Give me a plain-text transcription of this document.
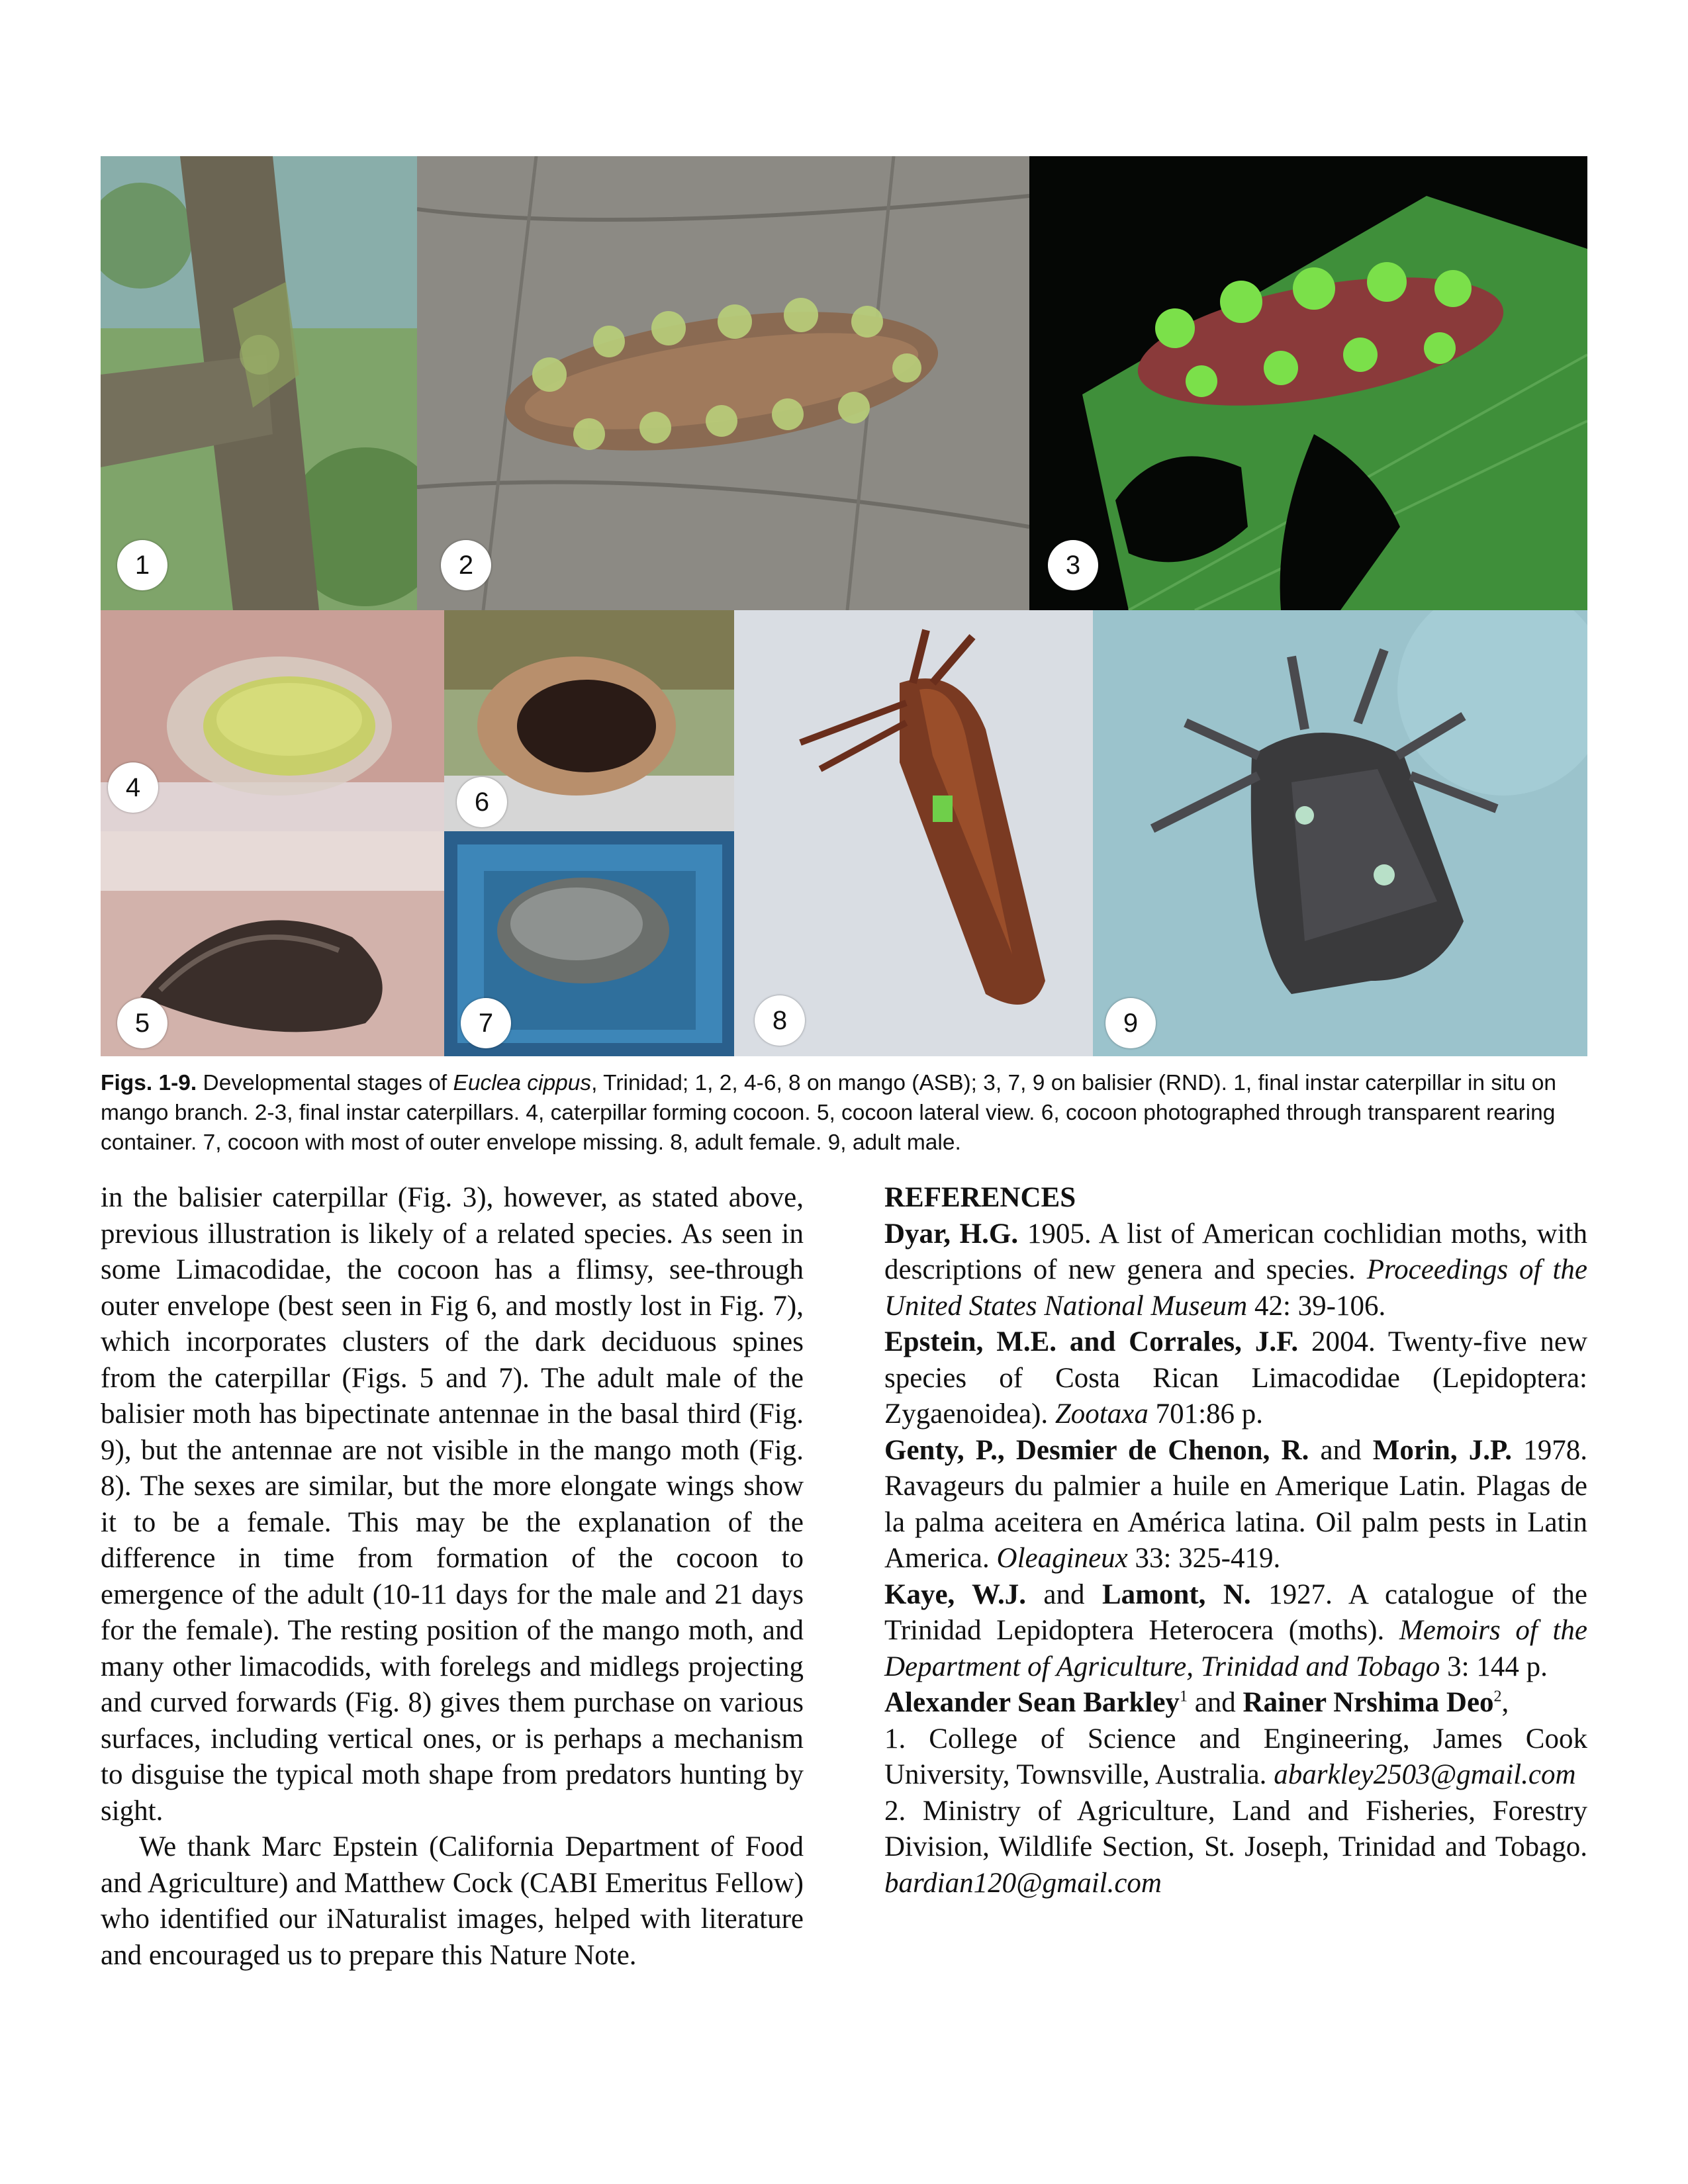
1	2	3
4
5
6
7	8	9
Figs. 1-9. Developmental stages of Euclea cippus, Trinidad; 1, 2, 4-6, 8 on mango (ASB); 3, 7, 9 on balisier (RND). 1, final instar caterpillar in situ on mango branch. 2-3, final instar caterpillars. 4, caterpillar forming cocoon. 5, cocoon lateral view. 6, cocoon photographed through transparent rearing container. 7, cocoon with most of outer envelope missing. 8, adult female. 9, adult male.

in the balisier caterpillar (Fig. 3), however, as stated above, previous illustration is likely of a related species. As seen in some Limacodidae, the cocoon has a flimsy, see-through outer envelope (best seen in Fig 6, and mostly lost in Fig. 7), which incorporates clusters of the dark deciduous spines from the caterpillar (Figs. 5 and 7). The adult male of the balisier moth has bipectinate antennae in the basal third (Fig. 9), but the antennae are not visible in the mango moth (Fig. 8). The sexes are similar, but the more elongate wings show it to be a female. This may be the explanation of the difference in time from formation of the cocoon to emergence of the adult (10-11 days for the male and 21 days for the female). The resting position of the mango moth, and many other limacodids, with forelegs and midlegs projecting and curved forwards (Fig. 8) gives them purchase on various surfaces, including vertical ones, or is perhaps a mechanism to disguise the typical moth shape from predators hunting by sight.

We thank Marc Epstein (California Department of Food and Agriculture) and Matthew Cock (CABI Emeritus Fellow) who identified our iNaturalist images, helped with literature and encouraged us to prepare this Nature Note.

REFERENCES

Dyar, H.G. 1905. A list of American cochlidian moths, with descriptions of new genera and species. Proceedings of the United States National Museum 42: 39-106.

Epstein, M.E. and Corrales, J.F. 2004. Twenty-five new species of Costa Rican Limacodidae (Lepidoptera: Zygaenoidea). Zootaxa 701:86 p.

Genty, P., Desmier de Chenon, R. and Morin, J.P. 1978. Ravageurs du palmier a huile en Amerique Latin. Plagas de la palma aceitera en América latina. Oil palm pests in Latin America. Oleagineux 33: 325-419.

Kaye, W.J. and Lamont, N. 1927. A catalogue of the Trinidad Lepidoptera Heterocera (moths). Memoirs of the Department of Agriculture, Trinidad and Tobago 3: 144 p.

Alexander Sean Barkley$^1$ and Rainer Nrshima Deo$^2$,

1. College of Science and Engineering, James Cook University, Townsville, Australia. abarkley2503@gmail.com

2. Ministry of Agriculture, Land and Fisheries, Forestry Division, Wildlife Section, St. Joseph, Trinidad and Tobago. bardian120@gmail.com
